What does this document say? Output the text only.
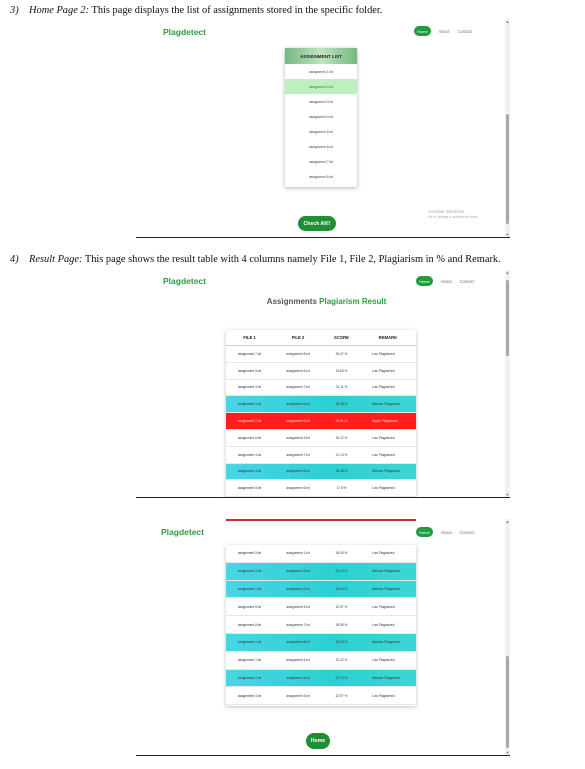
3) Home Page 2: This page displays the list of assignments stored in the specific folder.
Plagdetect	Home	About Contact
ASSIGNMENT LIST
assignment 1.txt
assignment 2.txt
assignment 3.txt
assignment 4.txt
assignment 5.txt
assignment 6.txt
assignment 7.txt
assignment 8.txt
Activate Windows
Go to Settings to activate Windows.
Check All!!
▲
▼
4) Result Page: This page shows the result table with 4 columns namely File 1, File 2, Plagiarism in % and Remark.
Plagdetect	Home	About Contact
Assignments Plagiarism Result
FILE 1	FILE 2	SCORE	REMARK
assignment 7.txt	assignment 5.txt	26.67 %	Low Plagiarized
assignment 5.txt	assignment 6.txt	13.63 %	Low Plagiarized
assignment 3.txt	assignment 7.txt	21.11 %	Low Plagiarized
assignment 3.txt	assignment 6.txt	63.38 %	Medium Plagiarized
assignment 2.txt	assignment 5.txt	90.91 %	Highly Plagiarized
assignment 6.txt	assignment 3.txt	34.22 %	Low Plagiarized
assignment 4.txt	assignment 7.txt	21.14 %	Low Plagiarized
assignment 4.txt	assignment 6.txt	63.38 %	Medium Plagiarized
assignment 8.txt	assignment 6.txt	17.8 %	Low Plagiarized
▲
▼
Plagdetect	Home	About Contact
assignment 5.txt	assignment 1.txt	26.00 %	Low Plagiarized
assignment 2.txt	assignment 3.txt	67.12 %	Medium Plagiarized
assignment 1.txt	assignment 2.txt	64.94 %	Medium Plagiarized
assignment 8.txt	assignment 5.txt	22.97 %	Low Plagiarized
assignment 8.txt	assignment 7.txt	28.95 %	Low Plagiarized
assignment 1.txt	assignment 8.txt	63.60 %	Medium Plagiarized
assignment 1.txt	assignment 4.txt	31.22 %	Low Plagiarized
assignment 2.txt	assignment 4.txt	67.12 %	Medium Plagiarized
assignment 4.txt	assignment 5.txt	22.97 %	Low Plagiarized
Home
▲
▼
